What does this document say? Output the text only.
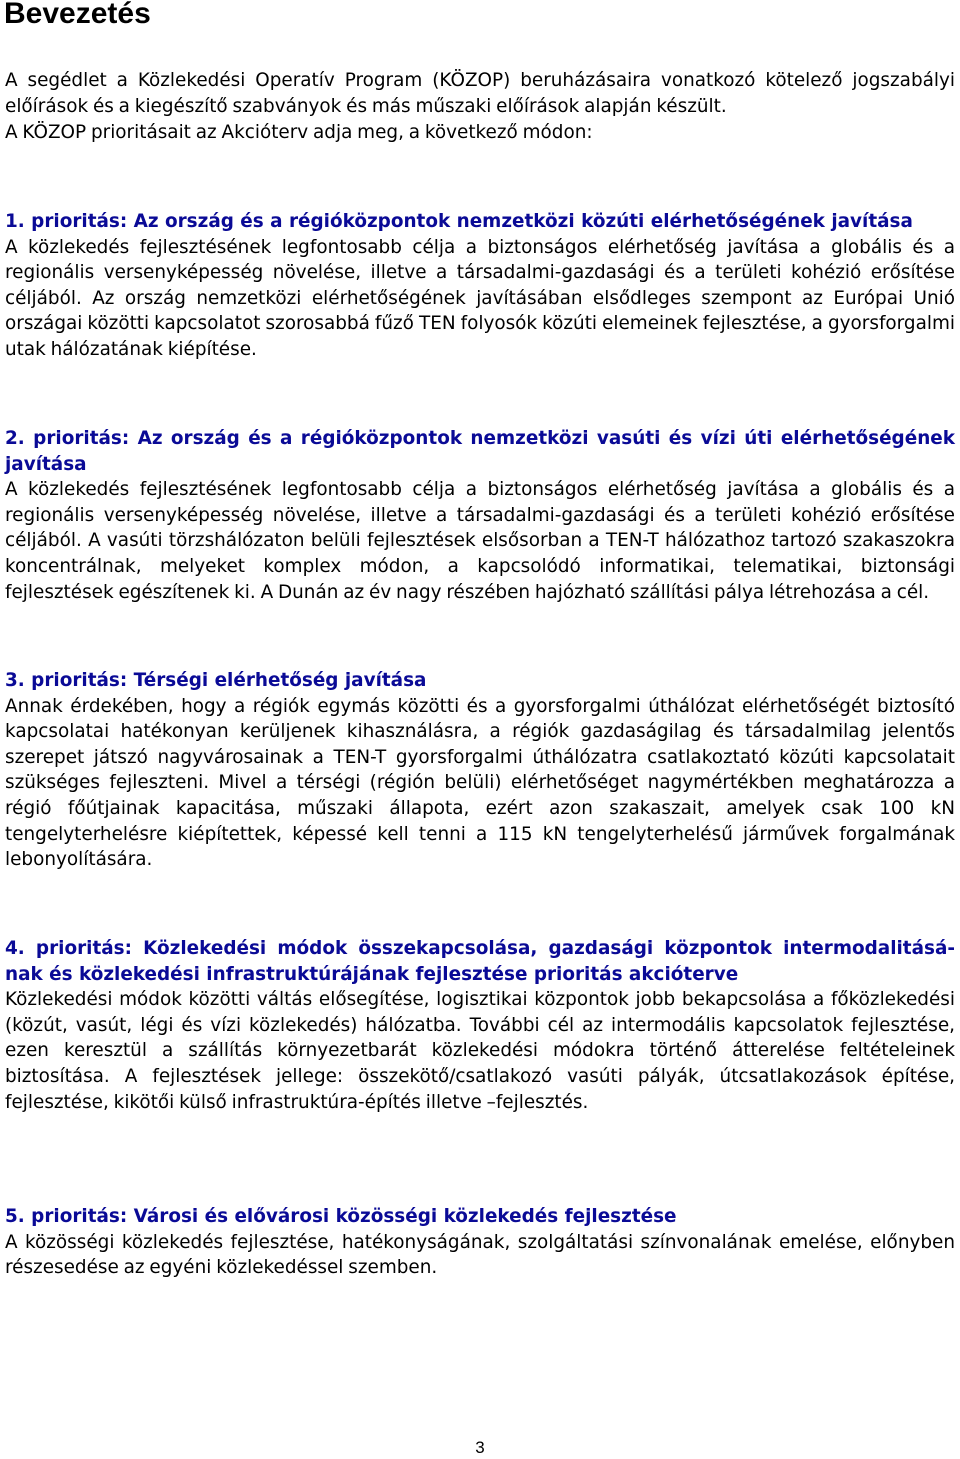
Bevezetés

A segédlet a Közlekedési Operatív Program (KÖZOP) beruházásaira vonatkozó kötelező jogszabályi előírások és a kiegészítő szabványok és más műszaki előírások alapján készült.

A KÖZOP prioritásait az Akcióterv adja meg, a következő módon:

1. prioritás: Az ország és a régióközpontok nemzetközi közúti elérhetőségének javítása

A közlekedés fejlesztésének legfontosabb célja a biztonságos elérhetőség javítása a globális és a regionális versenyképesség növelése, illetve a társadalmi-gazdasági és a területi kohézió erősítése céljából. Az ország nemzetközi elérhetőségének javításában elsődleges szempont az Európai Unió országai közötti kapcsolatot szorosabbá fűző TEN folyosók közúti elemeinek fejlesztése, a gyorsforgalmi utak hálózatának kiépítése.

2. prioritás: Az ország és a régióközpontok nemzetközi vasúti és vízi úti elérhetőségének javítása

A közlekedés fejlesztésének legfontosabb célja a biztonságos elérhetőség javítása a globális és a regionális versenyképesség növelése, illetve a társadalmi-gazdasági és a területi kohézió erősítése céljából. A vasúti törzshálózaton belüli fejlesztések elsősorban a TEN-T hálózathoz tartozó szakaszokra koncentrálnak, melyeket komplex módon, a kapcsolódó informatikai, telematikai, biztonsági fejlesztések egészítenek ki. A Dunán az év nagy részében hajózható szállítási pálya létrehozása a cél.

3. prioritás: Térségi elérhetőség javítása

Annak érdekében, hogy a régiók egymás közötti és a gyorsforgalmi úthálózat elérhetőségét biztosító kapcsolatai hatékonyan kerüljenek kihasználásra, a régiók gazdaságilag és társadalmilag jelentős szerepet játszó nagyvárosainak a TEN-T gyorsforgalmi úthálózatra csatlakoztató közúti kapcsolatait szükséges fejleszteni. Mivel a térségi (régión belüli) elérhetőséget nagymértékben meghatározza a régió főútjainak kapacitása, műszaki állapota, ezért azon szakaszait, amelyek csak 100 kN tengelyterhelésre kiépítettek, képessé kell tenni a 115 kN tengelyterhelésű járművek forgalmának lebonyolítására.

4. prioritás: Közlekedési módok összekapcsolása, gazdasági központok intermodalitásá-nak és közlekedési infrastruktúrájának fejlesztése prioritás akcióterve

Közlekedési módok közötti váltás elősegítése, logisztikai központok jobb bekapcsolása a főközlekedési (közút, vasút, légi és vízi közlekedés) hálózatba. További cél az intermodális kapcsolatok fejlesztése, ezen keresztül a szállítás környezetbarát közlekedési módokra történő átterelése feltételeinek biztosítása. A fejlesztések jellege: összekötő/csatlakozó vasúti pályák, útcsatlakozások építése, fejlesztése, kikötői külső infrastruktúra-építés illetve –fejlesztés.

5. prioritás: Városi és elővárosi közösségi közlekedés fejlesztése

A közösségi közlekedés fejlesztése, hatékonyságának, szolgáltatási színvonalának emelése, előnyben részesedése az egyéni közlekedéssel szemben.

3
